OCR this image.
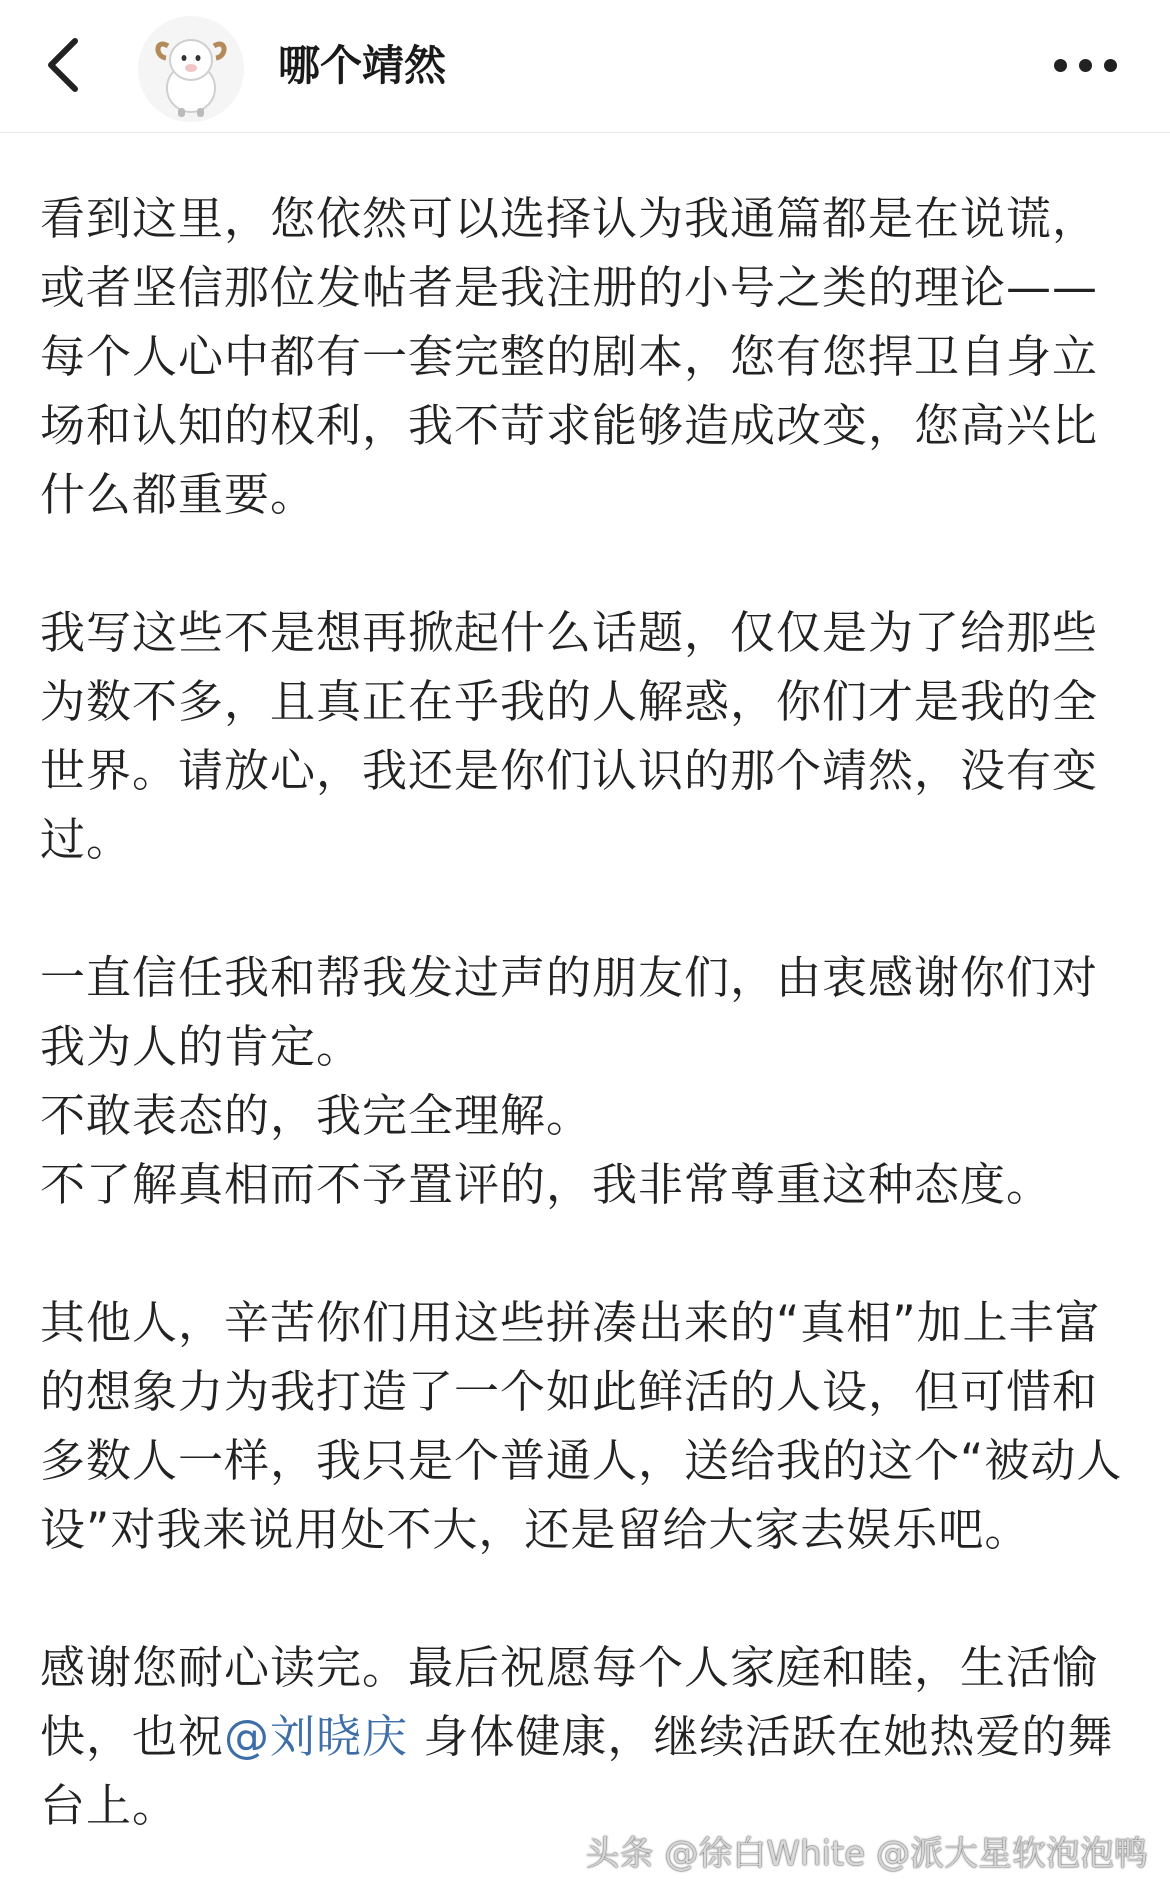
哪个靖然

看到这里，您依然可以选择认为我通篇都是在说谎，或者坚信那位发帖者是我注册的小号之类的理论——每个人心中都有一套完整的剧本，您有您捍卫自身立场和认知的权利，我不苛求能够造成改变，您高兴比什么都重要。

我写这些不是想再掀起什么话题，仅仅是为了给那些为数不多，且真正在乎我的人解惑，你们才是我的全世界。请放心，我还是你们认识的那个靖然，没有变过。

一直信任我和帮我发过声的朋友们，由衷感谢你们对我为人的肯定。

不敢表态的，我完全理解。

不了解真相而不予置评的，我非常尊重这种态度。

其他人，辛苦你们用这些拼凑出来的“真相”加上丰富的想象力为我打造了一个如此鲜活的人设，但可惜和多数人一样，我只是个普通人，送给我的这个“被动人设”对我来说用处不大，还是留给大家去娱乐吧。

感谢您耐心读完。最后祝愿每个人家庭和睦，生活愉快，也祝@刘晓庆 身体健康，继续活跃在她热爱的舞台上。

头条 @徐白White @派大星软泡泡鸭
